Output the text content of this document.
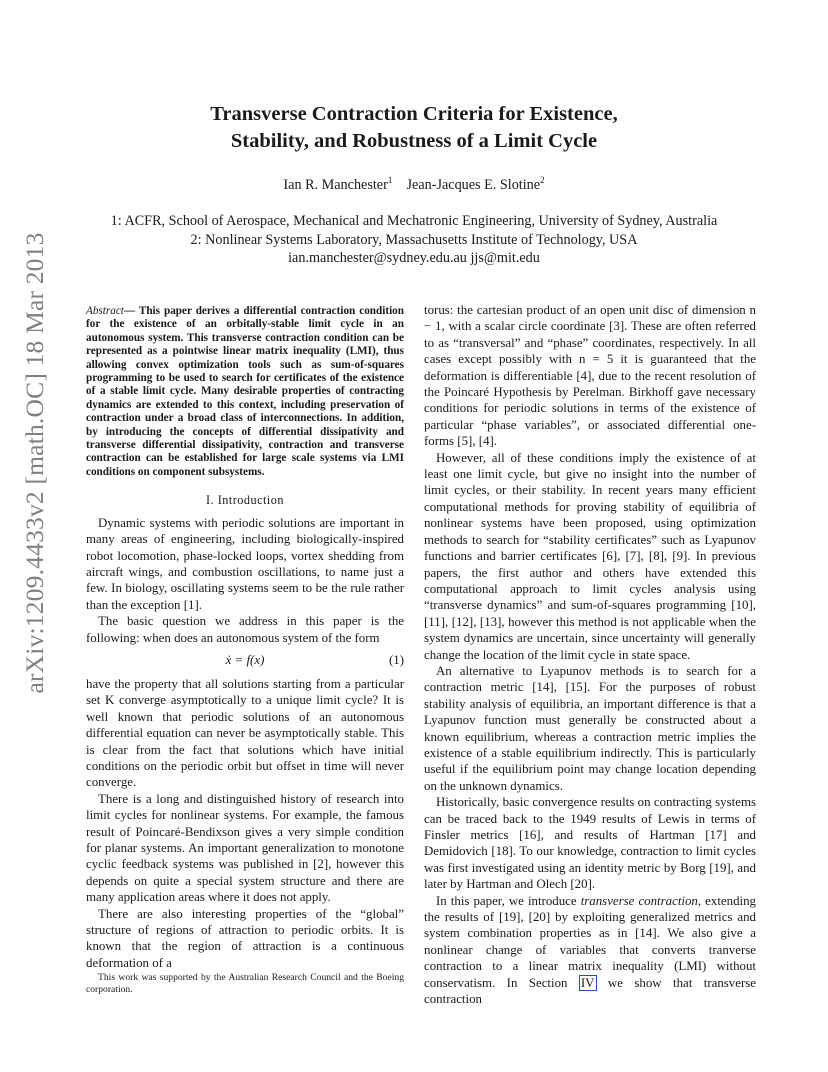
arXiv:1209.4433v2 [math.OC] 18 Mar 2013
Transverse Contraction Criteria for Existence,
Stability, and Robustness of a Limit Cycle
Ian R. Manchester$^1$ Jean-Jacques E. Slotine$^2$
1: ACFR, School of Aerospace, Mechanical and Mechatronic Engineering, University of Sydney, Australia
2: Nonlinear Systems Laboratory, Massachusetts Institute of Technology, USA
ian.manchester@sydney.edu.au jjs@mit.edu

Abstract— This paper derives a differential contraction condition for the existence of an orbitally-stable limit cycle in an autonomous system. This transverse contraction condition can be represented as a pointwise linear matrix inequality (LMI), thus allowing convex optimization tools such as sum-of-squares programming to be used to search for certificates of the existence of a stable limit cycle. Many desirable properties of contracting dynamics are extended to this context, including preservation of contraction under a broad class of interconnections. In addition, by introducing the concepts of differential dissipativity and transverse differential dissipativity, contraction and transverse contraction can be established for large scale systems via LMI conditions on component subsystems.

I. Introduction

Dynamic systems with periodic solutions are important in many areas of engineering, including biologically-inspired robot locomotion, phase-locked loops, vortex shedding from aircraft wings, and combustion oscillations, to name just a few. In biology, oscillating systems seem to be the rule rather than the exception [1].

The basic question we address in this paper is the following: when does an autonomous system of the form

ẋ = f(x)	(1)

have the property that all solutions starting from a particular set K converge asymptotically to a unique limit cycle? It is well known that periodic solutions of an autonomous differential equation can never be asymptotically stable. This is clear from the fact that solutions which have initial conditions on the periodic orbit but offset in time will never converge.

There is a long and distinguished history of research into limit cycles for nonlinear systems. For example, the famous result of Poincaré-Bendixson gives a very simple condition for planar systems. An important generalization to monotone cyclic feedback systems was published in [2], however this depends on quite a special system structure and there are many application areas where it does not apply.

There are also interesting properties of the “global” structure of regions of attraction to periodic orbits. It is known that the region of attraction is a continuous deformation of a

This work was supported by the Australian Research Council and the Boeing corporation.

torus: the cartesian product of an open unit disc of dimension n − 1, with a scalar circle coordinate [3]. These are often referred to as “transversal” and “phase” coordinates, respectively. In all cases except possibly with n = 5 it is guaranteed that the deformation is differentiable [4], due to the recent resolution of the Poincaré Hypothesis by Perelman. Birkhoff gave necessary conditions for periodic solutions in terms of the existence of particular “phase variables”, or associated differential one-forms [5], [4].

However, all of these conditions imply the existence of at least one limit cycle, but give no insight into the number of limit cycles, or their stability. In recent years many efficient computational methods for proving stability of equilibria of nonlinear systems have been proposed, using optimization methods to search for “stability certificates” such as Lyapunov functions and barrier certificates [6], [7], [8], [9]. In previous papers, the first author and others have extended this computational approach to limit cycles analysis using “transverse dynamics” and sum-of-squares programming [10], [11], [12], [13], however this method is not applicable when the system dynamics are uncertain, since uncertainty will generally change the location of the limit cycle in state space.

An alternative to Lyapunov methods is to search for a contraction metric [14], [15]. For the purposes of robust stability analysis of equilibria, an important difference is that a Lyapunov function must generally be constructed about a known equilibrium, whereas a contraction metric implies the existence of a stable equilibrium indirectly. This is particularly useful if the equilibrium point may change location depending on the unknown dynamics.

Historically, basic convergence results on contracting systems can be traced back to the 1949 results of Lewis in terms of Finsler metrics [16], and results of Hartman [17] and Demidovich [18]. To our knowledge, contraction to limit cycles was first investigated using an identity metric by Borg [19], and later by Hartman and Olech [20].

In this paper, we introduce transverse contraction, extending the results of [19], [20] by exploiting generalized metrics and system combination properties as in [14]. We also give a nonlinear change of variables that converts tranverse contraction to a linear matrix inequality (LMI) without conservatism. In Section IV we show that transverse contraction
